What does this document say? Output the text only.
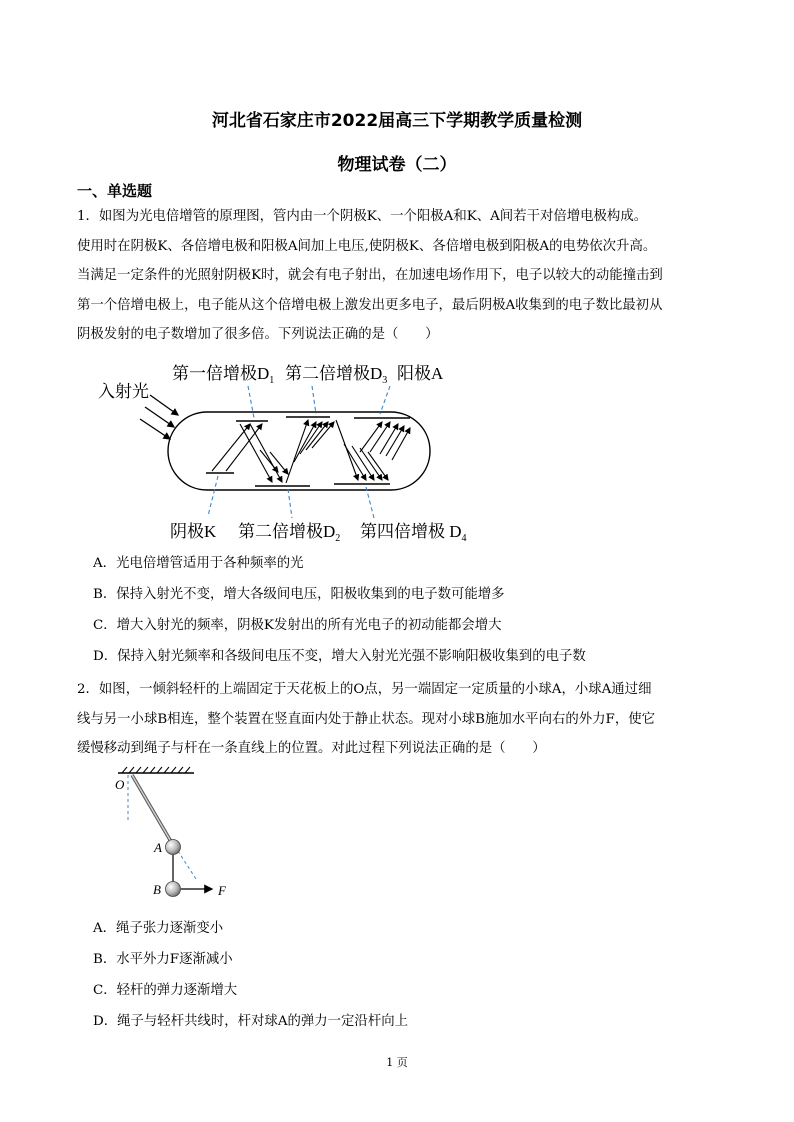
河北省石家庄市2022届高三下学期教学质量检测
物理试卷（二）
一、单选题
1．如图为光电倍增管的原理图，管内由一个阴极K、一个阳极A和K、A间若干对倍增电极构成。
使用时在阴极K、各倍增电极和阳极A间加上电压,使阴极K、各倍增电极到阳极A的电势依次升高。
当满足一定条件的光照射阴极K时，就会有电子射出，在加速电场作用下，电子以较大的动能撞击到
第一个倍增电极上，电子能从这个倍增电极上激发出更多电子，最后阴极A收集到的电子数比最初从
阴极发射的电子数增加了很多倍。下列说法正确的是（　　）
入射光
第一倍增极$D_1$ 第二倍增极$D_3$ 阳极A
阴极K 第二倍增极$D_2$ 第四倍增极 $D_4$
A．光电倍增管适用于各种频率的光
B．保持入射光不变，增大各级间电压，阳极收集到的电子数可能增多
C．增大入射光的频率，阴极K发射出的所有光电子的初动能都会增大
D．保持入射光频率和各级间电压不变，增大入射光光强不影响阳极收集到的电子数
2．如图，一倾斜轻杆的上端固定于天花板上的O点，另一端固定一定质量的小球A，小球A通过细
线与另一小球B相连，整个装置在竖直面内处于静止状态。现对小球B施加水平向右的外力F，使它
缓慢移动到绳子与杆在一条直线上的位置。对此过程下列说法正确的是（　　）
O
A
B	F
A．绳子张力逐渐变小
B．水平外力F逐渐减小
C．轻杆的弹力逐渐增大
D．绳子与轻杆共线时，杆对球A的弹力一定沿杆向上
1 页
